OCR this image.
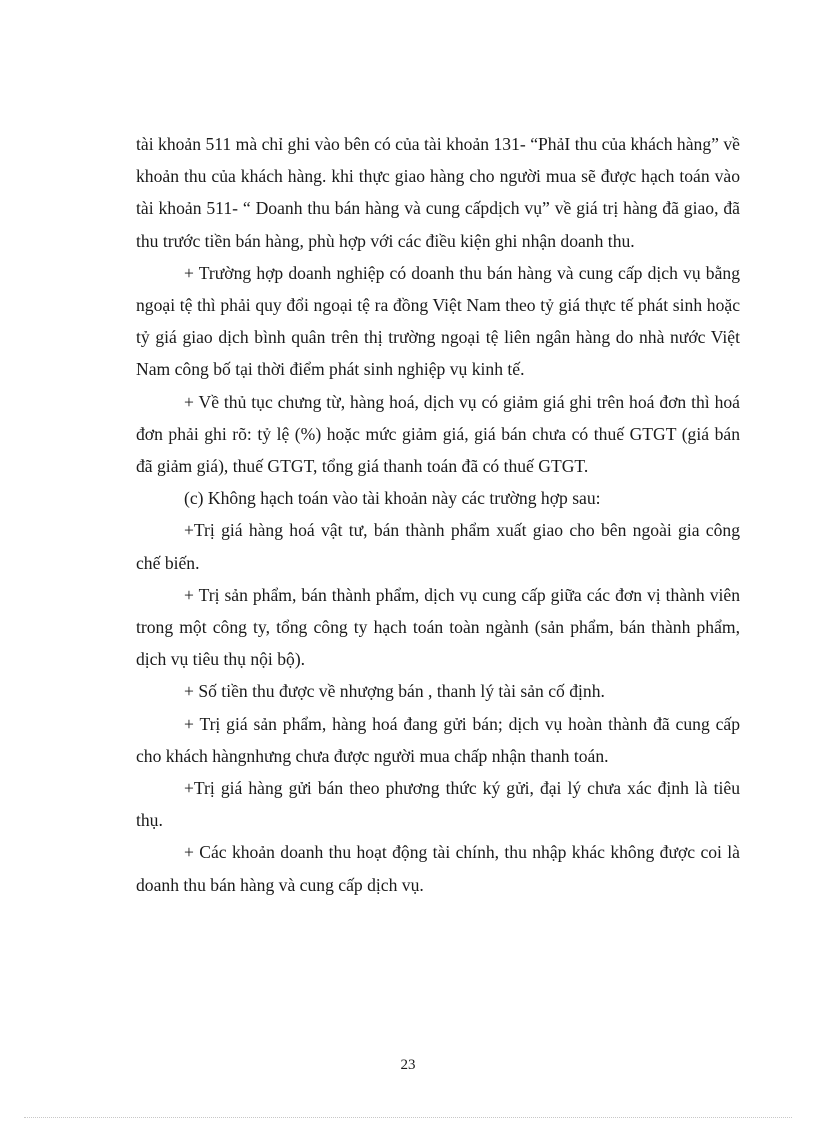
tài khoản 511 mà chỉ ghi vào bên có của tài khoản 131- “PhảI thu của khách hàng” về khoản thu của khách hàng. khi thực giao hàng cho người mua sẽ được hạch toán vào tài khoản 511- “ Doanh thu bán hàng và cung cấpdịch vụ” về giá trị hàng đã giao, đã thu trước tiền bán hàng, phù hợp với các điều kiện ghi nhận doanh thu.

+ Trường hợp doanh nghiệp có doanh thu bán hàng và cung cấp dịch vụ bằng ngoại tệ thì phải quy đổi ngoại tệ ra đồng Việt Nam theo tỷ giá thực tế phát sinh hoặc tỷ giá giao dịch bình quân trên thị trường ngoại tệ liên ngân hàng do nhà nước Việt Nam công bố tại thời điểm phát sinh nghiệp vụ kinh tế.

+ Về thủ tục chưng từ, hàng hoá, dịch vụ có giảm giá ghi trên hoá đơn thì hoá đơn phải ghi rõ: tỷ lệ (%) hoặc mức giảm giá, giá bán chưa có thuế GTGT (giá bán đã giảm giá), thuế GTGT, tổng giá thanh toán đã có thuế GTGT.

(c) Không hạch toán vào tài khoản này các trường hợp sau:

+Trị giá hàng hoá vật tư, bán thành phẩm xuất giao cho bên ngoài gia công chế biến.

+ Trị sản phẩm, bán thành phẩm, dịch vụ cung cấp giữa các đơn vị thành viên trong một công ty, tổng công ty hạch toán toàn ngành (sản phẩm, bán thành phẩm, dịch vụ tiêu thụ nội bộ).

+ Số tiền thu được về nhượng bán , thanh lý tài sản cố định.

+ Trị giá sản phẩm, hàng hoá đang gửi bán; dịch vụ hoàn thành đã cung cấp cho khách hàngnhưng chưa được người mua chấp nhận thanh toán.

+Trị giá hàng gửi bán theo phương thức ký gửi, đại lý chưa xác định là tiêu thụ.

+ Các khoản doanh thu hoạt động tài chính, thu nhập khác không được coi là doanh thu bán hàng và cung cấp dịch vụ.

23
